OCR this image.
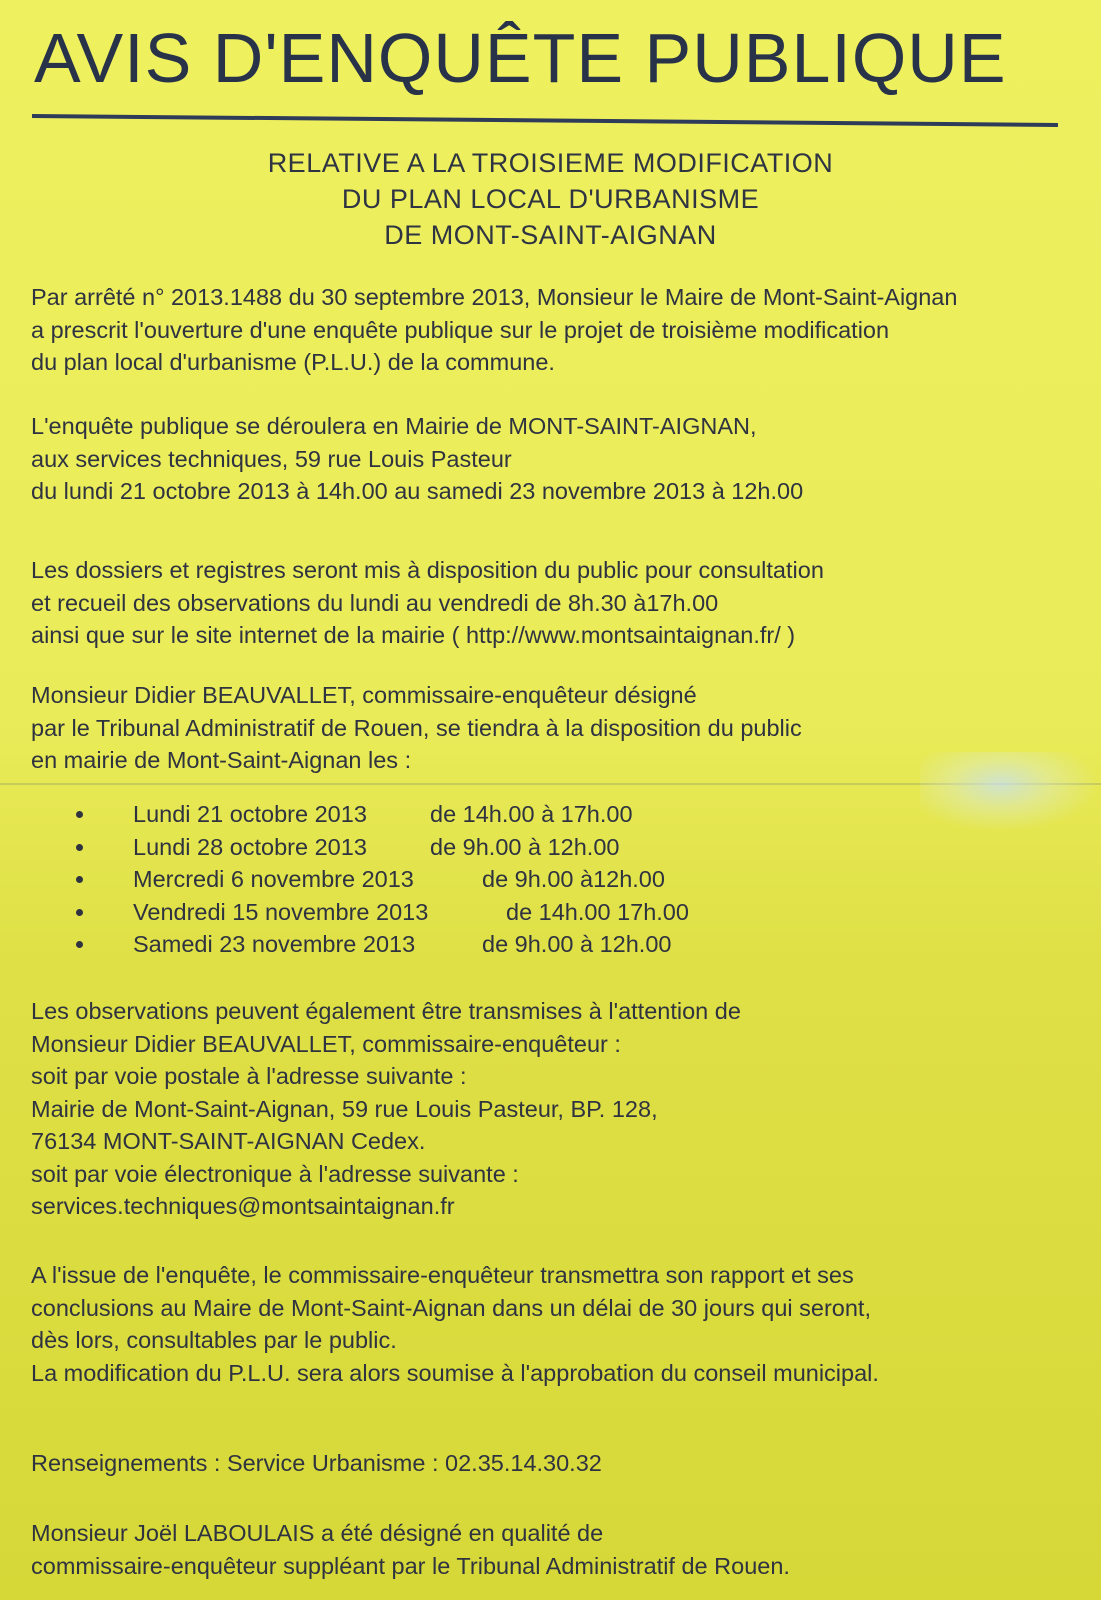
AVIS D'ENQUÊTE PUBLIQUE
RELATIVE A LA TROISIEME MODIFICATION
DU PLAN LOCAL D'URBANISME
DE MONT-SAINT-AIGNAN
Par arrêté n° 2013.1488 du 30 septembre 2013, Monsieur le Maire de Mont-Saint-Aignan
a prescrit l'ouverture d'une enquête publique sur le projet de troisième modification
du plan local d'urbanisme (P.L.U.) de la commune.
L'enquête publique se déroulera en Mairie de MONT-SAINT-AIGNAN,
aux services techniques, 59 rue Louis Pasteur
du lundi 21 octobre 2013 à 14h.00 au samedi 23 novembre 2013 à 12h.00
Les dossiers et registres seront mis à disposition du public pour consultation
et recueil des observations du lundi au vendredi de 8h.30 à17h.00
ainsi que sur le site internet de la mairie ( http://www.montsaintaignan.fr/ )
Monsieur Didier BEAUVALLET, commissaire-enquêteur désigné
par le Tribunal Administratif de Rouen, se tiendra à la disposition du public
en mairie de Mont-Saint-Aignan les :
Lundi 21 octobre 2013	de 14h.00 à 17h.00
Lundi 28 octobre 2013	de 9h.00 à 12h.00
Mercredi 6 novembre 2013	de 9h.00 à12h.00
Vendredi 15 novembre 2013	de 14h.00 17h.00
Samedi 23 novembre 2013	de 9h.00 à 12h.00
Les observations peuvent également être transmises à l'attention de
Monsieur Didier BEAUVALLET, commissaire-enquêteur :
soit par voie postale à l'adresse suivante :
Mairie de Mont-Saint-Aignan, 59 rue Louis Pasteur, BP. 128,
76134 MONT-SAINT-AIGNAN Cedex.
soit par voie électronique à l'adresse suivante :
services.techniques@montsaintaignan.fr
A l'issue de l'enquête, le commissaire-enquêteur transmettra son rapport et ses
conclusions au Maire de Mont-Saint-Aignan dans un délai de 30 jours qui seront,
dès lors, consultables par le public.
La modification du P.L.U. sera alors soumise à l'approbation du conseil municipal.
Renseignements : Service Urbanisme : 02.35.14.30.32
Monsieur Joël LABOULAIS a été désigné en qualité de
commissaire-enquêteur suppléant par le Tribunal Administratif de Rouen.
